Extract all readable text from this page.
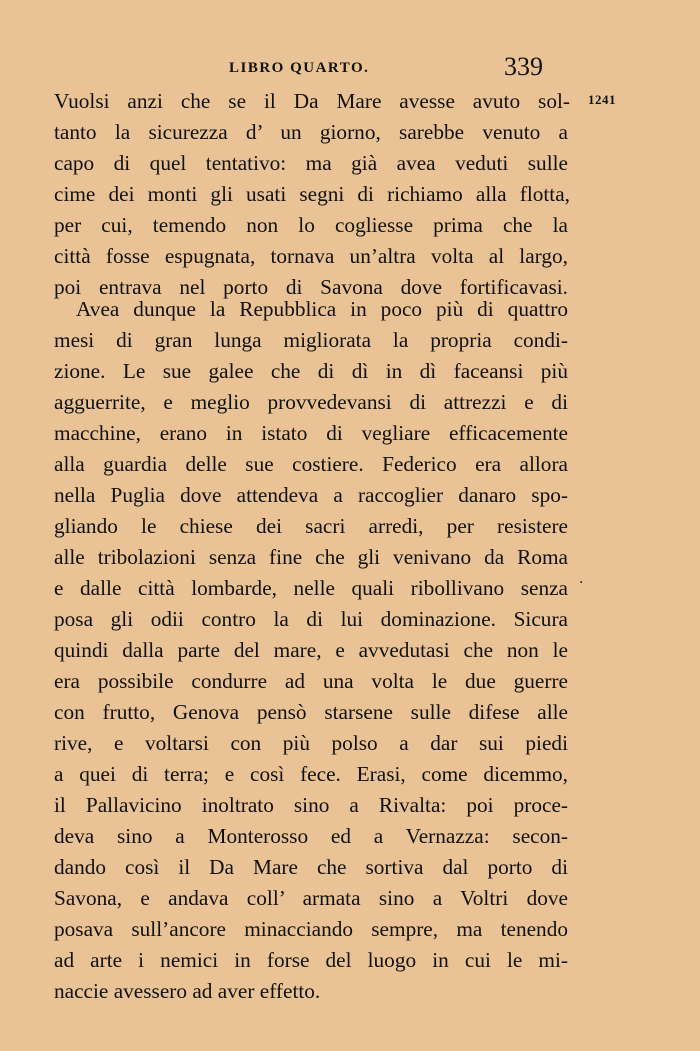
LIBRO QUARTO.	339
1241
.
Vuolsi anzi che se il Da Mare avesse avuto sol-
tanto la sicurezza d’ un giorno, sarebbe venuto a
capo di quel tentativo: ma già avea veduti sulle
cime dei monti gli usati segni di richiamo alla flotta,
per cui, temendo non lo cogliesse prima che la
città fosse espugnata, tornava un’altra volta al largo,
poi entrava nel porto di Savona dove fortificavasi.
Avea dunque la Repubblica in poco più di quattro
mesi di gran lunga migliorata la propria condi-
zione. Le sue galee che di dì in dì faceansi più
agguerrite, e meglio provvedevansi di attrezzi e di
macchine, erano in istato di vegliare efficacemente
alla guardia delle sue costiere. Federico era allora
nella Puglia dove attendeva a raccoglier danaro spo-
gliando le chiese dei sacri arredi, per resistere
alle tribolazioni senza fine che gli venivano da Roma
e dalle città lombarde, nelle quali ribollivano senza
posa gli odii contro la di lui dominazione. Sicura
quindi dalla parte del mare, e avvedutasi che non le
era possibile condurre ad una volta le due guerre
con frutto, Genova pensò starsene sulle difese alle
rive, e voltarsi con più polso a dar sui piedi
a quei di terra; e così fece. Erasi, come dicemmo,
il Pallavicino inoltrato sino a Rivalta: poi proce-
deva sino a Monterosso ed a Vernazza: secon-
dando così il Da Mare che sortiva dal porto di
Savona, e andava coll’ armata sino a Voltri dove
posava sull’ancore minacciando sempre, ma tenendo
ad arte i nemici in forse del luogo in cui le mi-
naccie avessero ad aver effetto.
